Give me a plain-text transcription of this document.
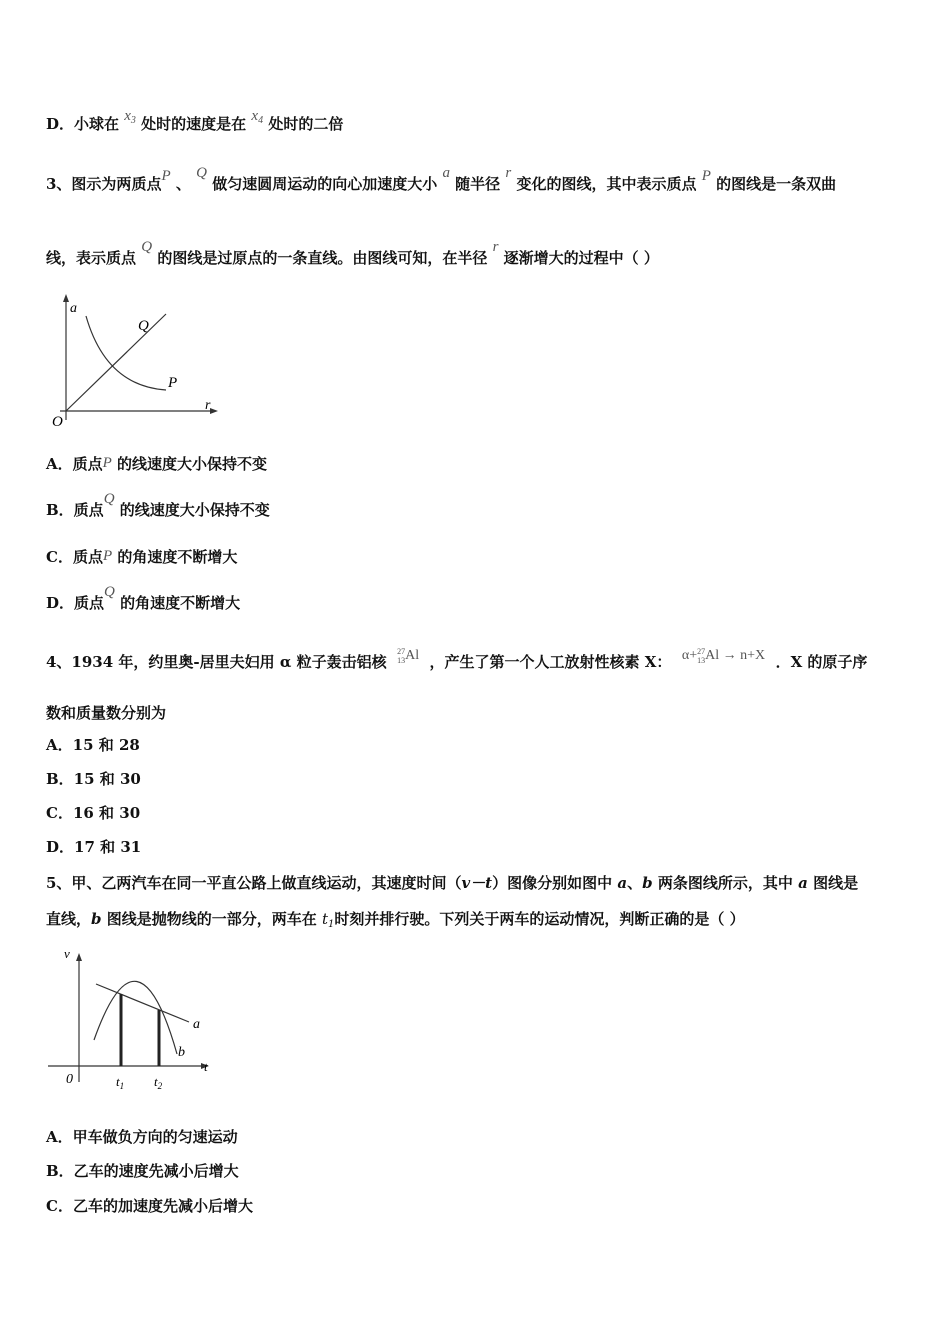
D．小球在 $x_3$ 处时的速度是在 $x_4$ 处时的二倍
3、图示为两质点P 、 Q 做匀速圆周运动的向心加速度大小 a 随半径 r 变化的图线，其中表示质点 P 的图线是一条双曲
线，表示质点 Q 的图线是过原点的一条直线。由图线可知，在半径 r 逐渐增大的过程中（ ）
a
Q
P
r
O
A．质点P 的线速度大小保持不变
B．质点Q 的线速度大小保持不变
C．质点P 的角速度不断增大
D．质点Q 的角速度不断增大
4、1934 年，约里奥-居里夫妇用 α 粒子轰击铝核
27
13 Al ，产生了第一个人工放射性核素 X： α+ 27
13 Al → n+X ．X 的原子序
数和质量数分别为
A．15 和 28
B．15 和 30
C．16 和 30
D．17 和 31
5、甲、乙两汽车在同一平直公路上做直线运动，其速度时间（v－t）图像分别如图中 a、b 两条图线所示，其中 a 图线是
直线，b 图线是抛物线的一部分，两车在 $t_1$时刻并排行驶。下列关于两车的运动情况，判断正确的是（ ）
v
a
b
t
0	$t_1$ $t_2$
A．甲车做负方向的匀速运动
B．乙车的速度先减小后增大
C．乙车的加速度先减小后增大
